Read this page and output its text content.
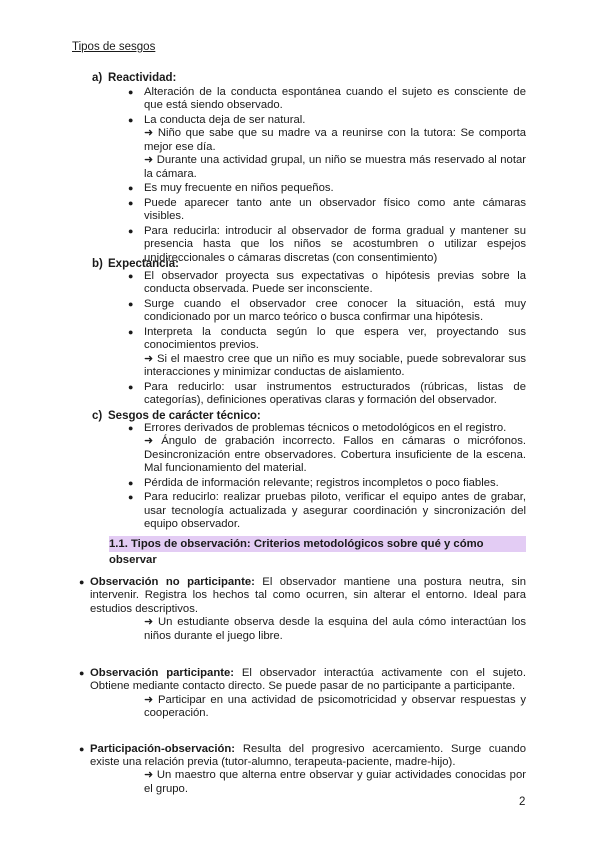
Tipos de sesgos
a) Reactividad:
● Alteración de la conducta espontánea cuando el sujeto es consciente de que está siendo observado.
● La conducta deja de ser natural.
➜ Niño que sabe que su madre va a reunirse con la tutora: Se comporta mejor ese día.
➜ Durante una actividad grupal, un niño se muestra más reservado al notar la cámara.
● Es muy frecuente en niños pequeños.
● Puede aparecer tanto ante un observador físico como ante cámaras visibles.
● Para reducirla: introducir al observador de forma gradual y mantener su presencia hasta que los niños se acostumbren o utilizar espejos unidireccionales o cámaras discretas (con consentimiento)
b) Expectancia:
● El observador proyecta sus expectativas o hipótesis previas sobre la conducta observada. Puede ser inconsciente.
● Surge cuando el observador cree conocer la situación, está muy condicionado por un marco teórico o busca confirmar una hipótesis.
● Interpreta la conducta según lo que espera ver, proyectando sus conocimientos previos.
➜ Si el maestro cree que un niño es muy sociable, puede sobrevalorar sus interacciones y minimizar conductas de aislamiento.
● Para reducirlo: usar instrumentos estructurados (rúbricas, listas de categorías), definiciones operativas claras y formación del observador.
c) Sesgos de carácter técnico:
● Errores derivados de problemas técnicos o metodológicos en el registro.
➜ Ángulo de grabación incorrecto. Fallos en cámaras o micrófonos. Desincronización entre observadores. Cobertura insuficiente de la escena. Mal funcionamiento del material.
● Pérdida de información relevante; registros incompletos o poco fiables.
● Para reducirlo: realizar pruebas piloto, verificar el equipo antes de grabar, usar tecnología actualizada y asegurar coordinación y sincronización del equipo observador.
1.1. Tipos de observación: Criterios metodológicos sobre qué y cómo observar
● Observación no participante: El observador mantiene una postura neutra, sin intervenir. Registra los hechos tal como ocurren, sin alterar el entorno. Ideal para estudios descriptivos.
➜ Un estudiante observa desde la esquina del aula cómo interactúan los niños durante el juego libre.
● Observación participante: El observador interactúa activamente con el sujeto. Obtiene mediante contacto directo. Se puede pasar de no participante a participante.
➜ Participar en una actividad de psicomotricidad y observar respuestas y cooperación.
● Participación-observación: Resulta del progresivo acercamiento. Surge cuando existe una relación previa (tutor-alumno, terapeuta-paciente, madre-hijo).
➜ Un maestro que alterna entre observar y guiar actividades conocidas por el grupo.
2
